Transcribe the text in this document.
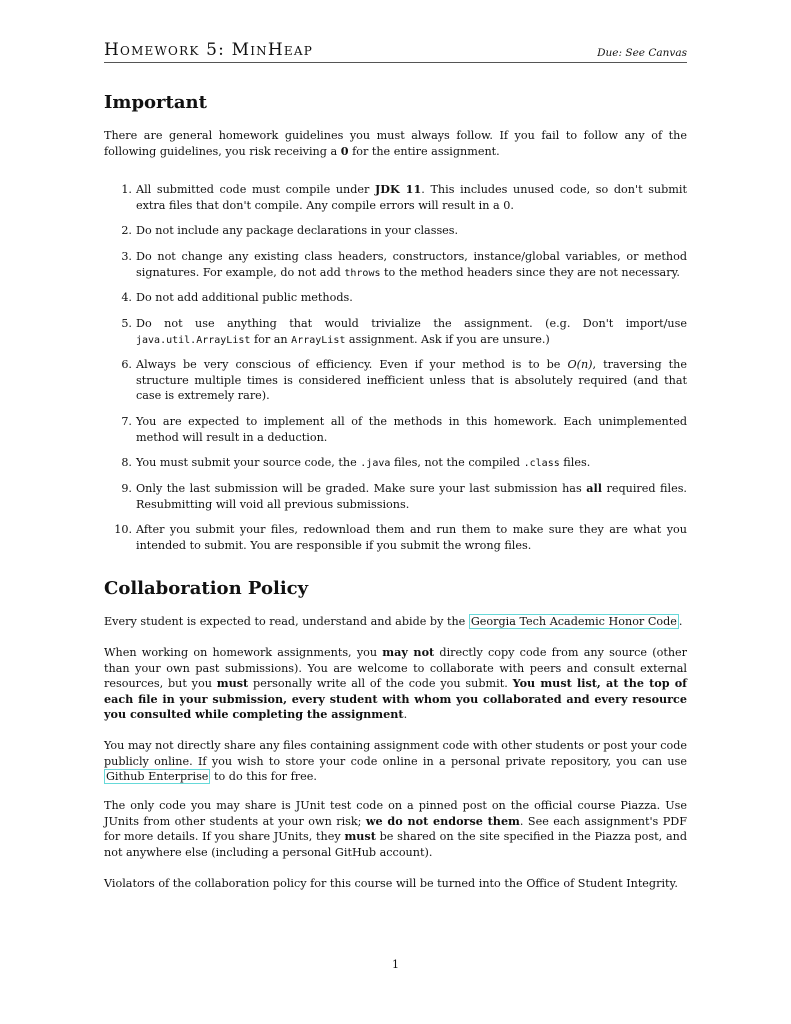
Homework 5: MinHeap	Due: See Canvas
Important

There are general homework guidelines you must always follow. If you fail to follow any of the following guidelines, you risk receiving a 0 for the entire assignment.

1. All submitted code must compile under JDK 11. This includes unused code, so don't submit extra files that don't compile. Any compile errors will result in a 0.
2. Do not include any package declarations in your classes.
3. Do not change any existing class headers, constructors, instance/global variables, or method signatures. For example, do not add throws to the method headers since they are not necessary.
4. Do not add additional public methods.
5. Do not use anything that would trivialize the assignment. (e.g. Don't import/use java.util.ArrayList for an ArrayList assignment. Ask if you are unsure.)
6. Always be very conscious of efficiency. Even if your method is to be O(n), traversing the structure multiple times is considered inefficient unless that is absolutely required (and that case is extremely rare).
7. You are expected to implement all of the methods in this homework. Each unimplemented method will result in a deduction.
8. You must submit your source code, the .java files, not the compiled .class files.
9. Only the last submission will be graded. Make sure your last submission has all required files. Resubmitting will void all previous submissions.
10. After you submit your files, redownload them and run them to make sure they are what you intended to submit. You are responsible if you submit the wrong files.
Collaboration Policy

Every student is expected to read, understand and abide by the Georgia Tech Academic Honor Code .

When working on homework assignments, you may not directly copy code from any source (other than your own past submissions). You are welcome to collaborate with peers and consult external resources, but you must personally write all of the code you submit. You must list, at the top of each file in your submission, every student with whom you collaborated and every resource you consulted while completing the assignment.

You may not directly share any files containing assignment code with other students or post your code publicly online. If you wish to store your code online in a personal private repository, you can use Github Enterprise to do this for free.

The only code you may share is JUnit test code on a pinned post on the official course Piazza. Use JUnits from other students at your own risk; we do not endorse them. See each assignment's PDF for more details. If you share JUnits, they must be shared on the site specified in the Piazza post, and not anywhere else (including a personal GitHub account).

Violators of the collaboration policy for this course will be turned into the Office of Student Integrity.

1
